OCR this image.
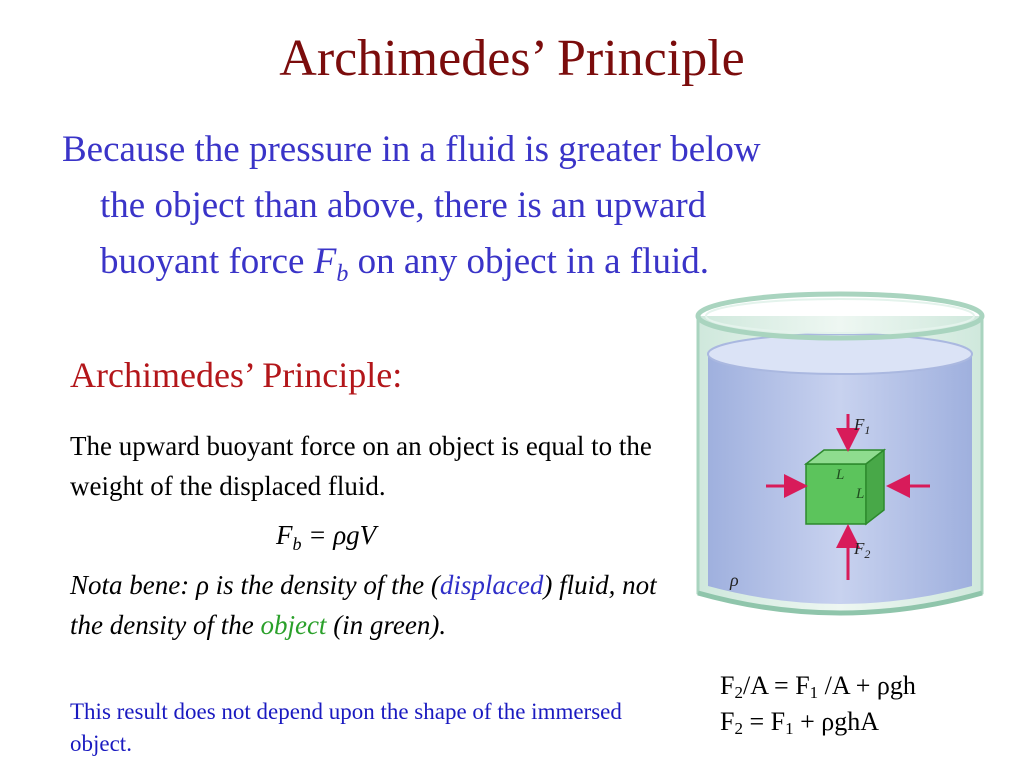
Archimedes’ Principle
Because the pressure in a fluid is greater below
the object than above, there is an upward
buoyant force $F_b$ on any object in a fluid.
Archimedes’ Principle:
The upward buoyant force on an object is equal to the weight of the displaced fluid.
$F_b = \rho gV$
Nota bene: ρ is the density of the (displaced) fluid, not the density of the object (in green).
This result does not depend upon the shape of the immersed object.
L
L
$F_1$
$F_2$
ρ
$F_2/A = F_1$ /A + ρgh
$F_2 = F_1 + \rho ghA$
